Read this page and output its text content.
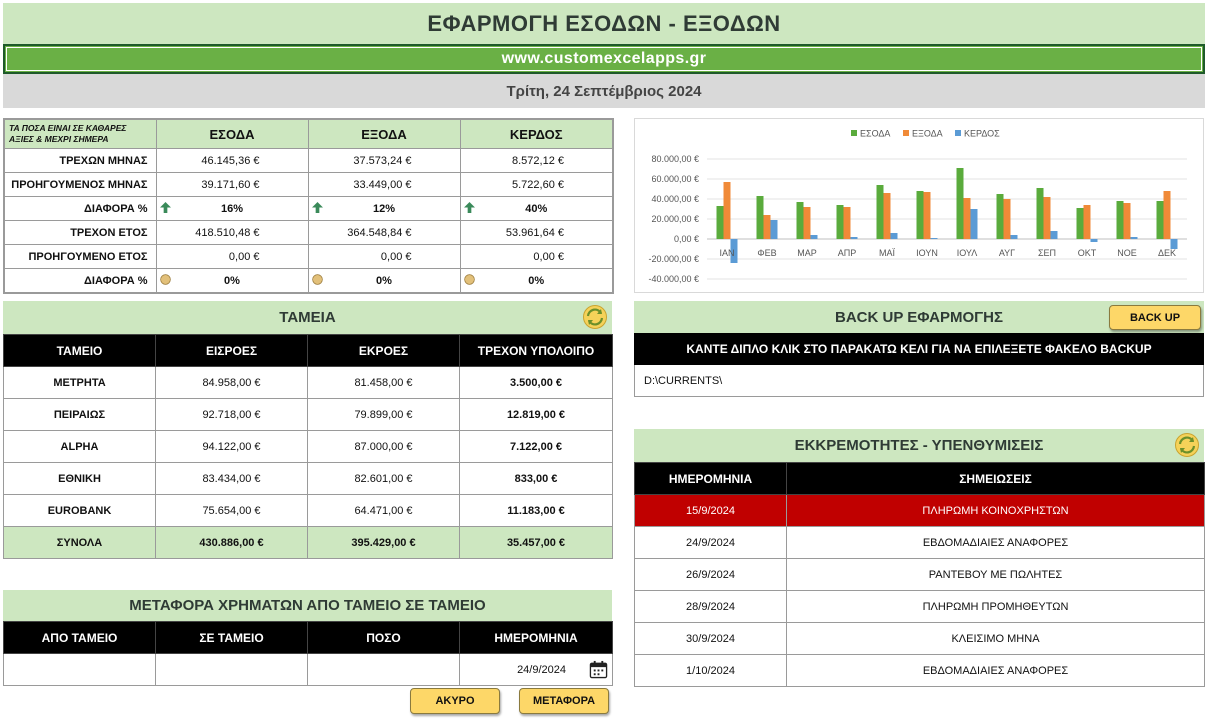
ΕΦΑΡΜΟΓΗ ΕΣΟΔΩΝ - ΕΞΟΔΩΝ
www.customexcelapps.gr
Τρίτη, 24 Σεπτέμβριος 2024
ΤΑ ΠΟΣΑ ΕΙΝΑΙ ΣΕ ΚΑΘΑΡΕΣ ΑΞΙΕΣ & ΜΕΧΡΙ ΣΗΜΕΡΑ	ΕΣΟΔΑ	ΕΞΟΔΑ	ΚΕΡΔΟΣ
ΤΡΕΧΩΝ ΜΗΝΑΣ	46.145,36 €	37.573,24 €	8.572,12 €
ΠΡΟΗΓΟΥΜΕΝΟΣ ΜΗΝΑΣ	39.171,60 €	33.449,00 €	5.722,60 €
ΔΙΑΦΟΡΑ %	16%	12%	40%
ΤΡΕΧΟΝ ΕΤΟΣ	418.510,48 €	364.548,84 €	53.961,64 €
ΠΡΟΗΓΟΥΜΕΝΟ ΕΤΟΣ	0,00 €	0,00 €	0,00 €
ΔΙΑΦΟΡΑ %	0%	0%	0%
80.000,00 €
60.000,00 €
40.000,00 €
20.000,00 €
0,00 €
-20.000,00 €
-40.000,00 €
ΙΑΝ	ΦΕΒ ΜΑΡ ΑΠΡ	ΜΑΪ ΙΟΥΝ ΙΟΥΛ ΑΥΓ	ΣΕΠ ΟΚΤ ΝΟΕ ΔΕΚ
ΕΣΟΔΑ ΕΞΟΔΑ ΚΕΡΔΟΣ
ΤΑΜΕΙΑ
ΤΑΜΕΙΟ	ΕΙΣΡΟΕΣ	ΕΚΡΟΕΣ	ΤΡΕΧΟΝ ΥΠΟΛΟΙΠΟ
ΜΕΤΡΗΤΑ	84.958,00 €	81.458,00 €	3.500,00 €
ΠΕΙΡΑΙΩΣ	92.718,00 €	79.899,00 €	12.819,00 €
ALPHA	94.122,00 €	87.000,00 €	7.122,00 €
ΕΘΝΙΚΗ	83.434,00 €	82.601,00 €	833,00 €
EUROBANK	75.654,00 €	64.471,00 €	11.183,00 €
ΣΥΝΟΛΑ	430.886,00 €	395.429,00 €	35.457,00 €
ΜΕΤΑΦΟΡΑ ΧΡΗΜΑΤΩΝ ΑΠΟ ΤΑΜΕΙΟ ΣΕ ΤΑΜΕΙΟ
ΑΠΟ ΤΑΜΕΙΟ	ΣΕ ΤΑΜΕΙΟ	ΠΟΣΟ	ΗΜΕΡΟΜΗΝΙΑ
			24/9/2024
ΑΚΥΡΟ	ΜΕΤΑΦΟΡΑ
BACK UP ΕΦΑΡΜΟΓΗΣ	BACK UP
ΚΑΝΤΕ ΔΙΠΛΟ ΚΛΙΚ ΣΤΟ ΠΑΡΑΚΑΤΩ ΚΕΛΙ ΓΙΑ ΝΑ ΕΠΙΛΕΞΕΤΕ ΦΑΚΕΛΟ BACKUP
D:\CURRENTS\
ΕΚΚΡΕΜΟΤΗΤΕΣ - ΥΠΕΝΘΥΜΙΣΕΙΣ
ΗΜΕΡΟΜΗΝΙΑ	ΣΗΜΕΙΩΣΕΙΣ
15/9/2024	ΠΛΗΡΩΜΗ ΚΟΙΝΟΧΡΗΣΤΩΝ
24/9/2024	ΕΒΔΟΜΑΔΙΑΙΕΣ ΑΝΑΦΟΡΕΣ
26/9/2024	ΡΑΝΤΕΒΟΥ ΜΕ ΠΩΛΗΤΕΣ
28/9/2024	ΠΛΗΡΩΜΗ ΠΡΟΜΗΘΕΥΤΩΝ
30/9/2024	ΚΛΕΙΣΙΜΟ ΜΗΝΑ
1/10/2024	ΕΒΔΟΜΑΔΙΑΙΕΣ ΑΝΑΦΟΡΕΣ
